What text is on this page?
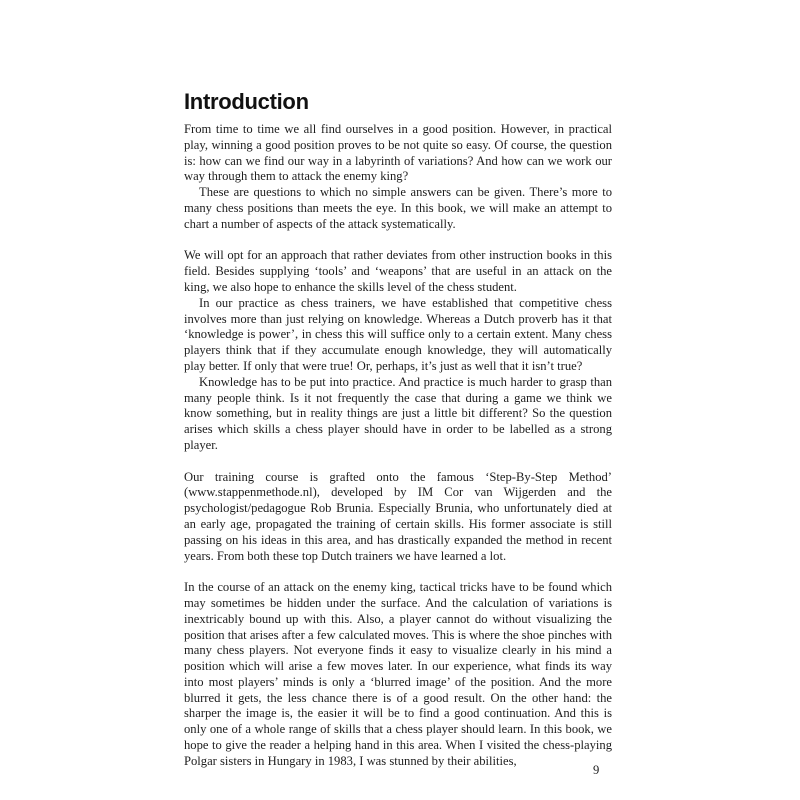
Introduction

From time to time we all find ourselves in a good position. However, in practical play, winning a good position proves to be not quite so easy. Of course, the question is: how can we find our way in a labyrinth of variations? And how can we work our way through them to attack the enemy king?

These are questions to which no simple answers can be given. There’s more to many chess positions than meets the eye. In this book, we will make an attempt to chart a number of aspects of the attack systematically.

We will opt for an approach that rather deviates from other instruction books in this field. Besides supplying ‘tools’ and ‘weapons’ that are useful in an attack on the king, we also hope to enhance the skills level of the chess student.

In our practice as chess trainers, we have established that competitive chess involves more than just relying on knowledge. Whereas a Dutch proverb has it that ‘knowledge is power’, in chess this will suffice only to a certain extent. Many chess players think that if they accumulate enough knowledge, they will automatically play better. If only that were true! Or, perhaps, it’s just as well that it isn’t true?

Knowledge has to be put into practice. And practice is much harder to grasp than many people think. Is it not frequently the case that during a game we think we know something, but in reality things are just a little bit different? So the question arises which skills a chess player should have in order to be labelled as a strong player.

Our training course is grafted onto the famous ‘Step-By-Step Method’ (www.stappenmethode.nl), developed by IM Cor van Wijgerden and the psychologist/pedagogue Rob Brunia. Especially Brunia, who unfortunately died at an early age, propagated the training of certain skills. His former associate is still passing on his ideas in this area, and has drastically expanded the method in recent years. From both these top Dutch trainers we have learned a lot.

In the course of an attack on the enemy king, tactical tricks have to be found which may sometimes be hidden under the surface. And the calculation of variations is inextricably bound up with this. Also, a player cannot do without visualizing the position that arises after a few calculated moves. This is where the shoe pinches with many chess players. Not everyone finds it easy to visualize clearly in his mind a position which will arise a few moves later. In our experience, what finds its way into most players’ minds is only a ‘blurred image’ of the position. And the more blurred it gets, the less chance there is of a good result. On the other hand: the sharper the image is, the easier it will be to find a good continuation. And this is only one of a whole range of skills that a chess player should learn. In this book, we hope to give the reader a helping hand in this area. When I visited the chess-playing Polgar sisters in Hungary in 1983, I was stunned by their abilities,

9
